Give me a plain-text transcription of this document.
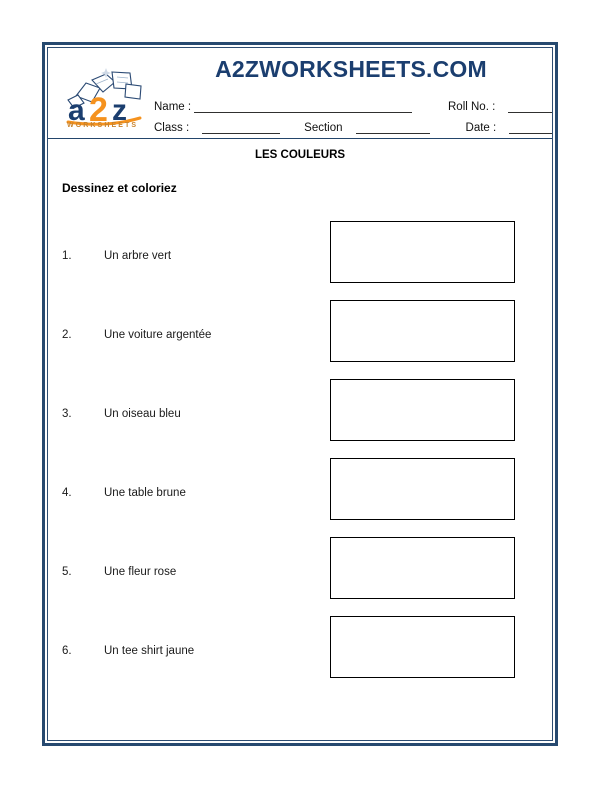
a 2 z
WORKSHEETS
A2ZWORKSHEETS.COM
Name :	Roll No. :
Class :	Section	Date :
LES COULEURS
Dessinez et coloriez
1.	Un arbre vert
2.	Une voiture argentée
3.	Un oiseau bleu
4.	Une table brune
5.	Une fleur rose
6.	Un tee shirt jaune
